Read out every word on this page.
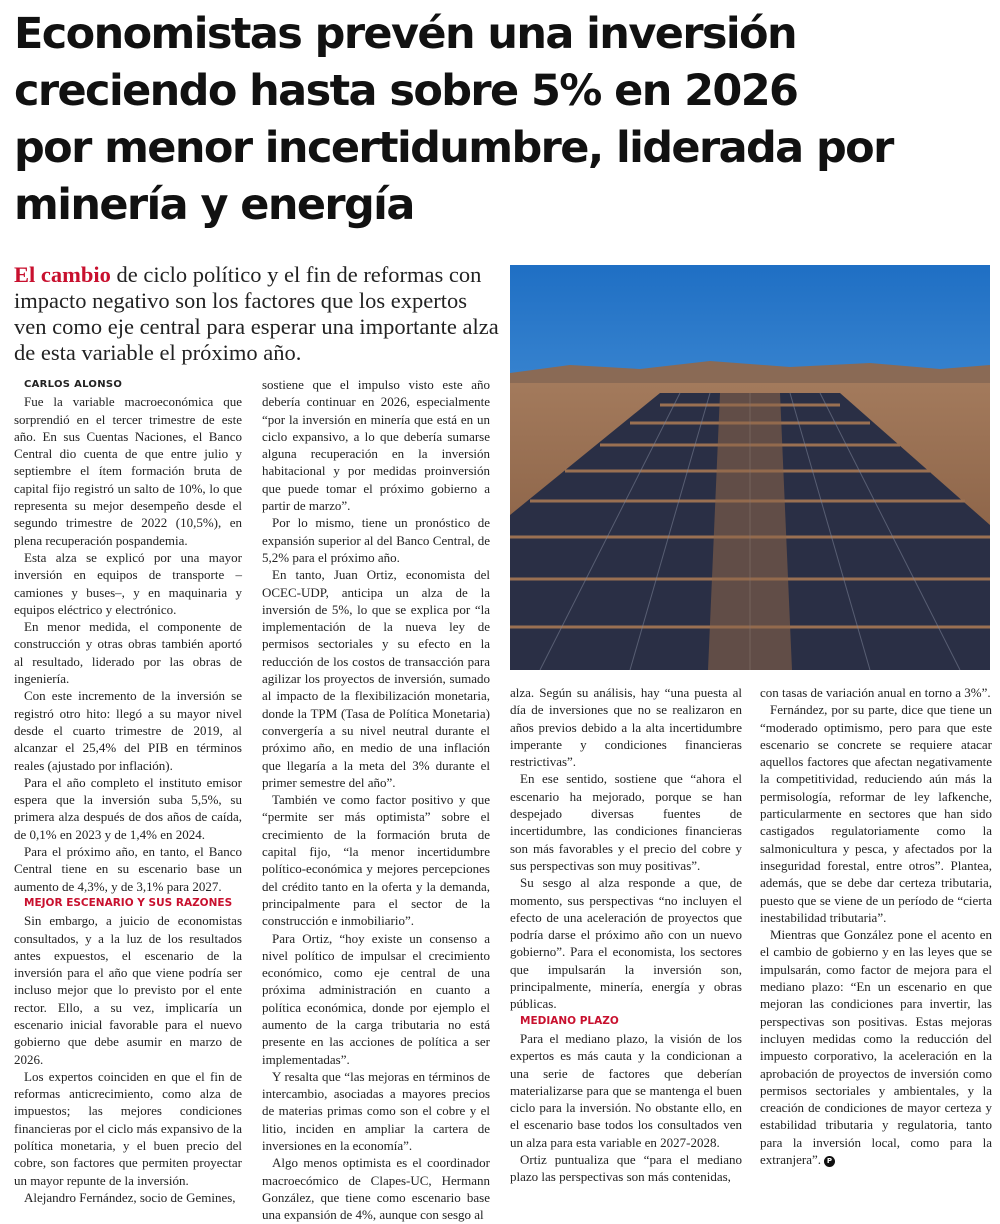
Economistas prevén una inversión
creciendo hasta sobre 5% en 2026
por menor incertidumbre, liderada por
minería y energía

El cambio de ciclo político y el fin de reformas con impacto negativo son los factores que los expertos ven como eje central para esperar una importante alza de esta variable el próximo año.

CARLOS ALONSO

Fue la variable macroeconómica que sorprendió en el tercer trimestre de este año. En sus Cuentas Naciones, el Banco Central dio cuenta de que entre julio y septiembre el ítem formación bruta de capital fijo registró un salto de 10%, lo que representa su mejor desempeño desde el segundo trimestre de 2022 (10,5%), en plena recuperación pospandemia.

Esta alza se explicó por una mayor inversión en equipos de transporte –camiones y buses–, y en maquinaria y equipos eléctrico y electrónico.

En menor medida, el componente de construcción y otras obras también aportó al resultado, liderado por las obras de ingeniería.

Con este incremento de la inversión se registró otro hito: llegó a su mayor nivel desde el cuarto trimestre de 2019, al alcanzar el 25,4% del PIB en términos reales (ajustado por inflación).

Para el año completo el instituto emisor espera que la inversión suba 5,5%, su primera alza después de dos años de caída, de 0,1% en 2023 y de 1,4% en 2024.

Para el próximo año, en tanto, el Banco Central tiene en su escenario base un aumento de 4,3%, y de 3,1% para 2027.

MEJOR ESCENARIO Y SUS RAZONES

Sin embargo, a juicio de economistas consultados, y a la luz de los resultados antes expuestos, el escenario de la inversión para el año que viene podría ser incluso mejor que lo previsto por el ente rector. Ello, a su vez, implicaría un escenario inicial favorable para el nuevo gobierno que debe asumir en marzo de 2026.

Los expertos coinciden en que el fin de reformas anticrecimiento, como alza de impuestos; las mejores condiciones financieras por el ciclo más expansivo de la política monetaria, y el buen precio del cobre, son factores que permiten proyectar un mayor repunte de la inversión.

Alejandro Fernández, socio de Gemines,

sostiene que el impulso visto este año debería continuar en 2026, especialmente “por la inversión en minería que está en un ciclo expansivo, a lo que debería sumarse alguna recuperación en la inversión habitacional y por medidas proinversión que puede tomar el próximo gobierno a partir de marzo”.

Por lo mismo, tiene un pronóstico de expansión superior al del Banco Central, de 5,2% para el próximo año.

En tanto, Juan Ortiz, economista del OCEC-UDP, anticipa un alza de la inversión de 5%, lo que se explica por “la implementación de la nueva ley de permisos sectoriales y su efecto en la reducción de los costos de transacción para agilizar los proyectos de inversión, sumado al impacto de la flexibilización monetaria, donde la TPM (Tasa de Política Monetaria) convergería a su nivel neutral durante el próximo año, en medio de una inflación que llegaría a la meta del 3% durante el primer semestre del año”.

También ve como factor positivo y que “permite ser más optimista” sobre el crecimiento de la formación bruta de capital fijo, “la menor incertidumbre político-económica y mejores percepciones del crédito tanto en la oferta y la demanda, principalmente para el sector de la construcción e inmobiliario”.

Para Ortiz, “hoy existe un consenso a nivel político de impulsar el crecimiento económico, como eje central de una próxima administración en cuanto a política económica, donde por ejemplo el aumento de la carga tributaria no está presente en las acciones de política a ser implementadas”.

Y resalta que “las mejoras en términos de intercambio, asociadas a mayores precios de materias primas como son el cobre y el litio, inciden en ampliar la cartera de inversiones en la economía”.

Algo menos optimista es el coordinador macroecómico de Clapes-UC, Hermann González, que tiene como escenario base una expansión de 4%, aunque con sesgo al

alza. Según su análisis, hay “una puesta al día de inversiones que no se realizaron en años previos debido a la alta incertidumbre imperante y condiciones financieras restrictivas”.

En ese sentido, sostiene que “ahora el escenario ha mejorado, porque se han despejado diversas fuentes de incertidumbre, las condiciones financieras son más favorables y el precio del cobre y sus perspectivas son muy positivas”.

Su sesgo al alza responde a que, de momento, sus perspectivas “no incluyen el efecto de una aceleración de proyectos que podría darse el próximo año con un nuevo gobierno”. Para el economista, los sectores que impulsarán la inversión son, principalmente, minería, energía y obras públicas.

MEDIANO PLAZO

Para el mediano plazo, la visión de los expertos es más cauta y la condicionan a una serie de factores que deberían materializarse para que se mantenga el buen ciclo para la inversión. No obstante ello, en el escenario base todos los consultados ven un alza para esta variable en 2027-2028.

Ortiz puntualiza que “para el mediano plazo las perspectivas son más contenidas,

con tasas de variación anual en torno a 3%”.

Fernández, por su parte, dice que tiene un “moderado optimismo, pero para que este escenario se concrete se requiere atacar aquellos factores que afectan negativamente la competitividad, reduciendo aún más la permisología, reformar de ley lafkenche, particularmente en sectores que han sido castigados regulatoriamente como la salmonicultura y pesca, y afectados por la inseguridad forestal, entre otros”. Plantea, además, que se debe dar certeza tributaria, puesto que se viene de un período de “cierta inestabilidad tributaria”.

Mientras que González pone el acento en el cambio de gobierno y en las leyes que se impulsarán, como factor de mejora para el mediano plazo: “En un escenario en que mejoran las condiciones para invertir, las perspectivas son positivas. Estas mejoras incluyen medidas como la reducción del impuesto corporativo, la aceleración en la aprobación de proyectos de inversión como permisos sectoriales y ambientales, y la creación de condiciones de mayor certeza y estabilidad tributaria y regulatoria, tanto para la inversión local, como para la extranjera”. P
